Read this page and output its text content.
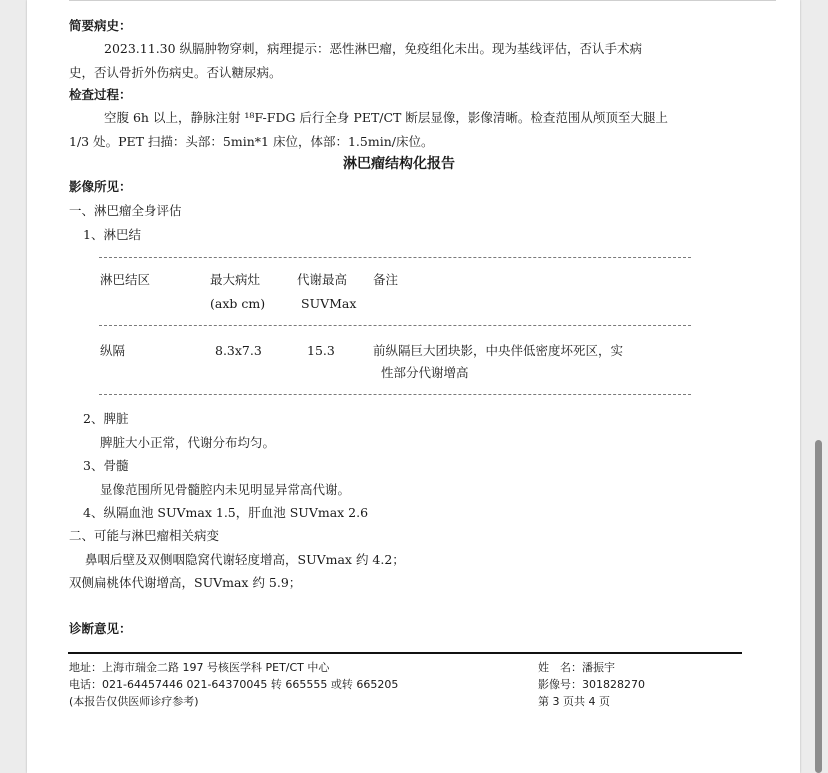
简要病史：
2023.11.30 纵膈肿物穿刺，病理提示：恶性淋巴瘤，免疫组化未出。现为基线评估，否认手术病
史，否认骨折外伤病史。否认糖尿病。
检查过程：
空腹 6h 以上，静脉注射 ¹⁸F-FDG 后行全身 PET/CT 断层显像，影像清晰。检查范围从颅顶至大腿上
1/3 处。PET 扫描：头部：5min*1 床位，体部：1.5min/床位。
淋巴瘤结构化报告
影像所见：
一、淋巴瘤全身评估
1、淋巴结
淋巴结区	最大病灶	代谢最高 备注
(axb cm)	SUVMax
纵隔	8.3x7.3	15.3	前纵隔巨大团块影，中央伴低密度坏死区，实
性部分代谢增高
2、脾脏
脾脏大小正常，代谢分布均匀。
3、骨髓
显像范围所见骨髓腔内未见明显异常高代谢。
4、纵隔血池 SUVmax 1.5，肝血池 SUVmax 2.6
二、可能与淋巴瘤相关病变
鼻咽后壁及双侧咽隐窝代谢轻度增高，SUVmax 约 4.2；
双侧扁桃体代谢增高，SUVmax 约 5.9；
诊断意见：
地址：上海市瑞金二路 197 号核医学科 PET/CT 中心
电话：021-64457446 021-64370045 转 665555 或转 665205
(本报告仅供医师诊疗参考)
姓　名：潘振宇
影像号：301828270
第 3 页共 4 页
